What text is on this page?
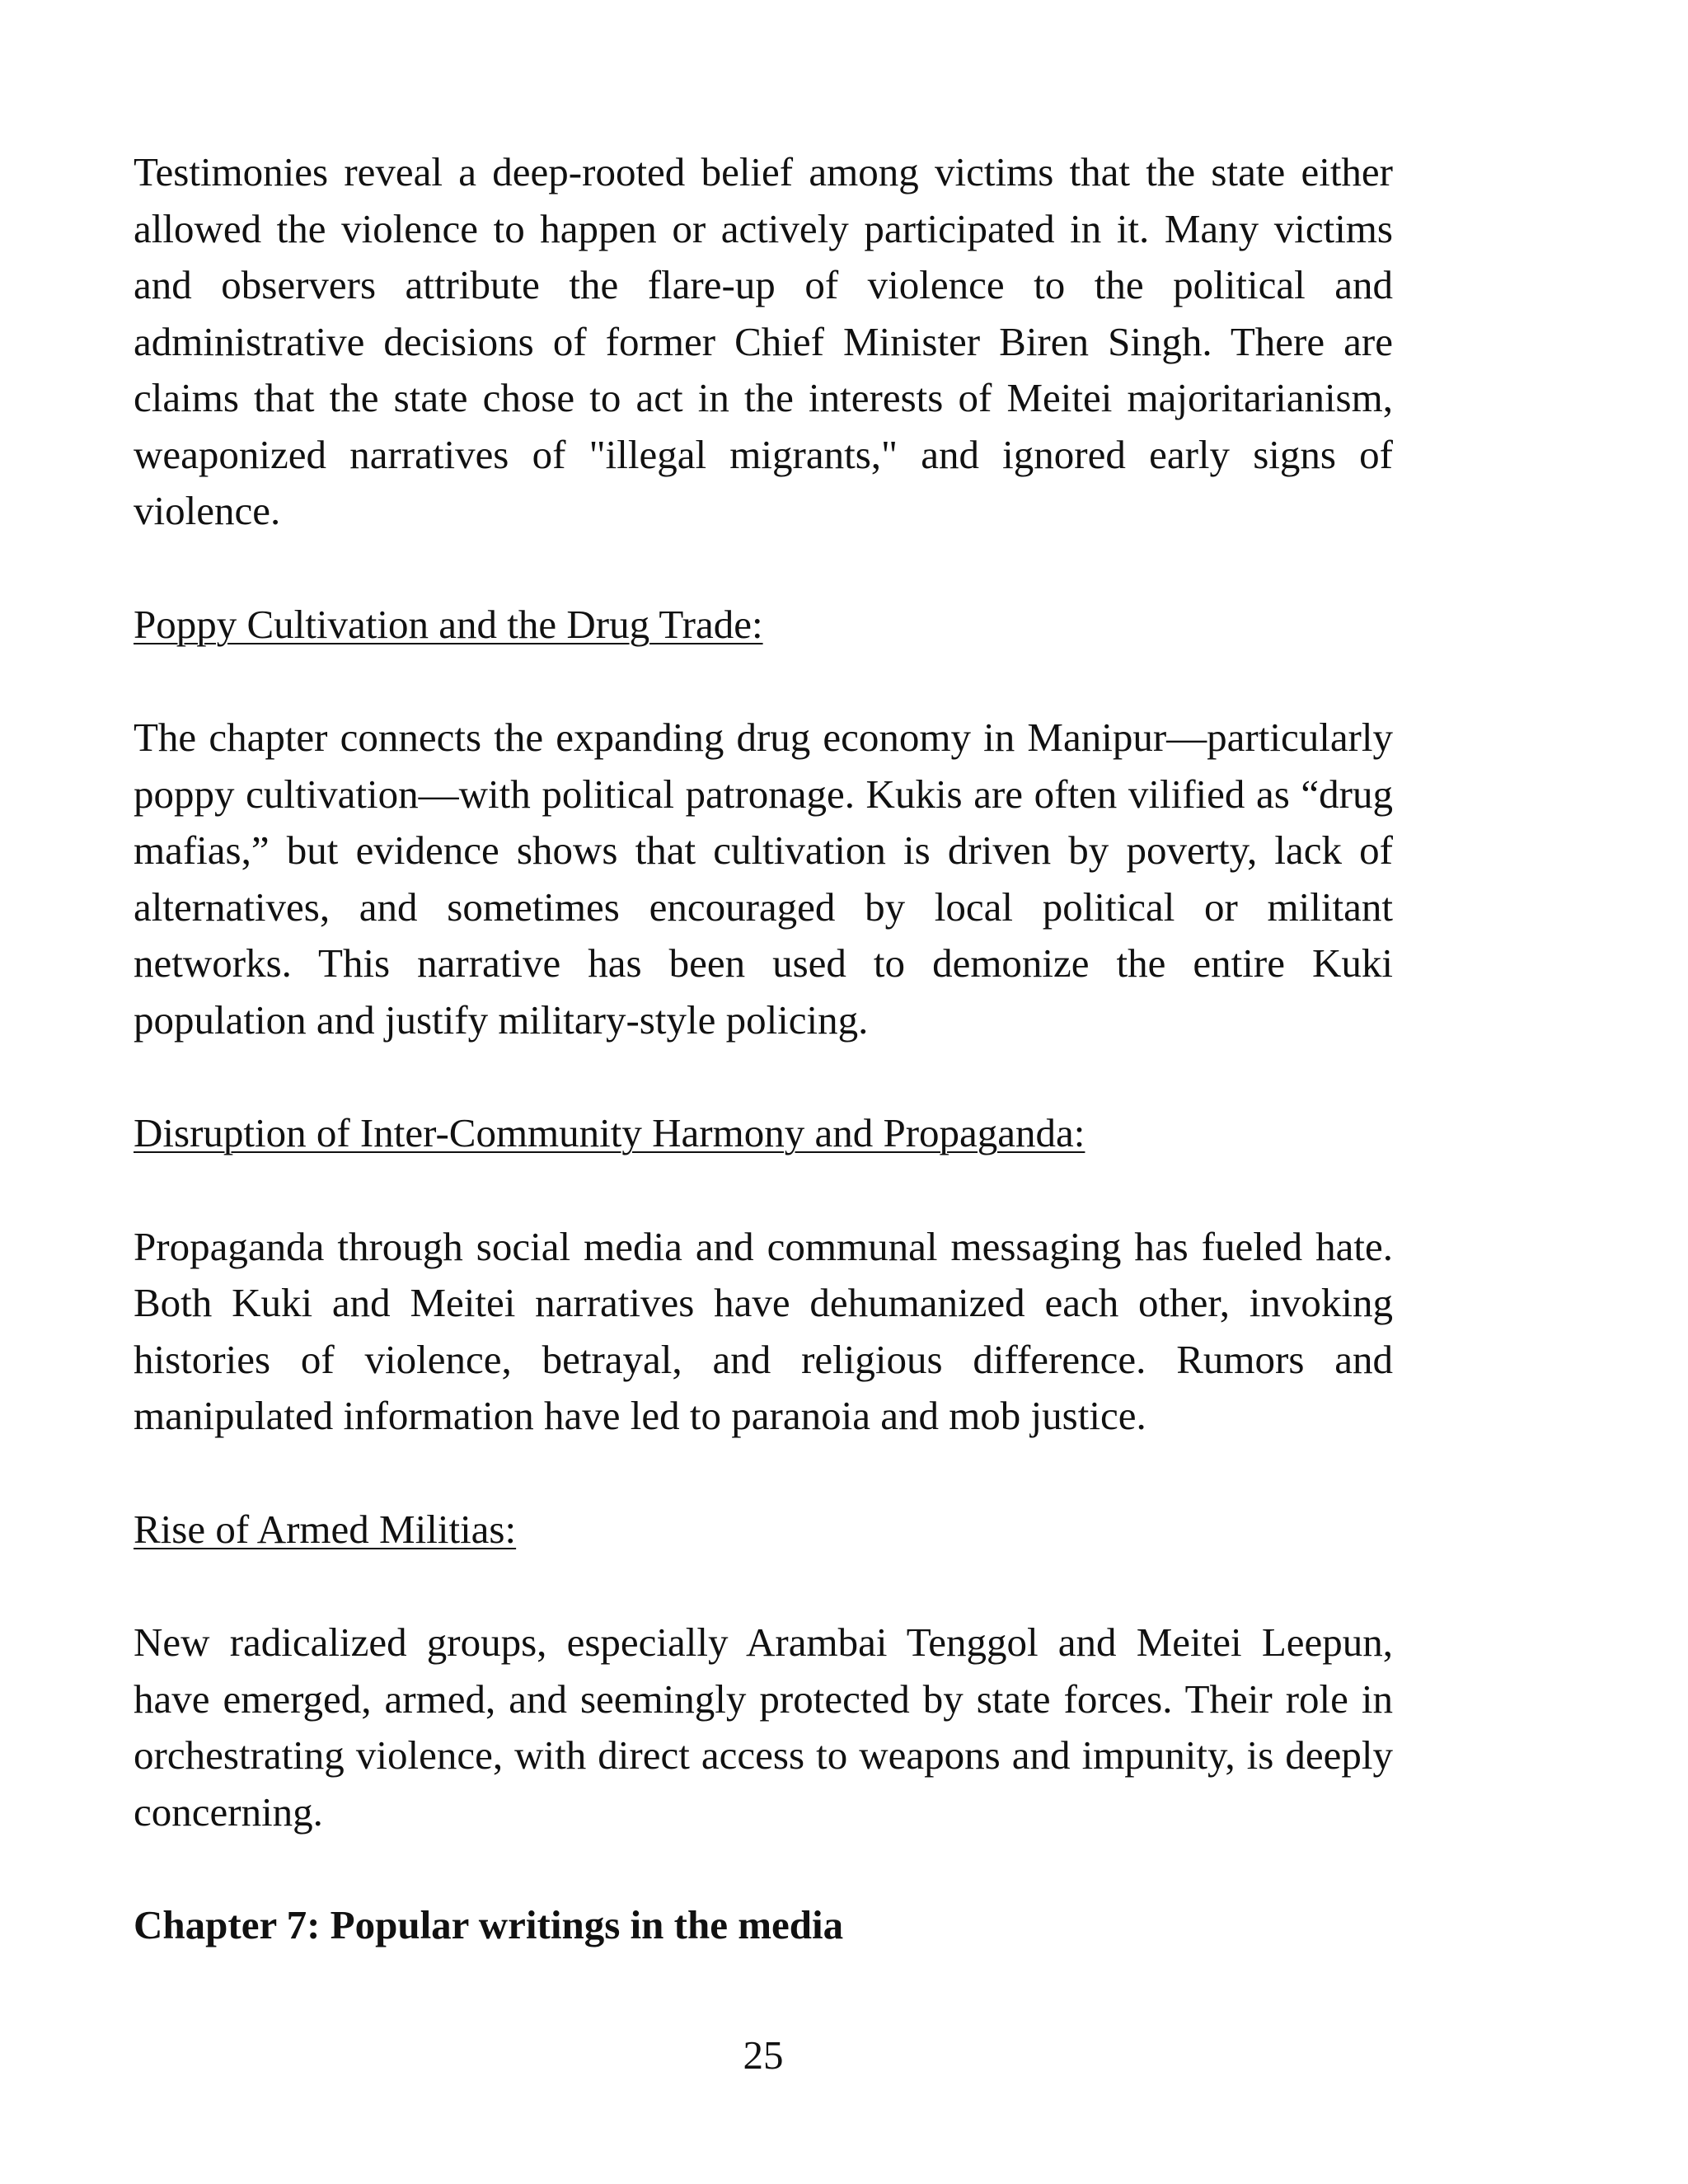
Testimonies reveal a deep-rooted belief among victims that the state either allowed the violence to happen or actively participated in it. Many victims and observers attribute the flare-up of violence to the political and administrative decisions of former Chief Minister Biren Singh. There are claims that the state chose to act in the interests of Meitei majoritarianism, weaponized narratives of "illegal migrants," and ignored early signs of violence.

Poppy Cultivation and the Drug Trade:

The chapter connects the expanding drug economy in Manipur—particularly poppy cultivation—with political patronage. Kukis are often vilified as “drug mafias,” but evidence shows that cultivation is driven by poverty, lack of alternatives, and sometimes encouraged by local political or militant networks. This narrative has been used to demonize the entire Kuki population and justify military-style policing.

Disruption of Inter-Community Harmony and Propaganda:

Propaganda through social media and communal messaging has fueled hate. Both Kuki and Meitei narratives have dehumanized each other, invoking histories of violence, betrayal, and religious difference. Rumors and manipulated information have led to paranoia and mob justice.

Rise of Armed Militias:

New radicalized groups, especially Arambai Tenggol and Meitei Leepun, have emerged, armed, and seemingly protected by state forces. Their role in orchestrating violence, with direct access to weapons and impunity, is deeply concerning.

Chapter 7: Popular writings in the media

25
